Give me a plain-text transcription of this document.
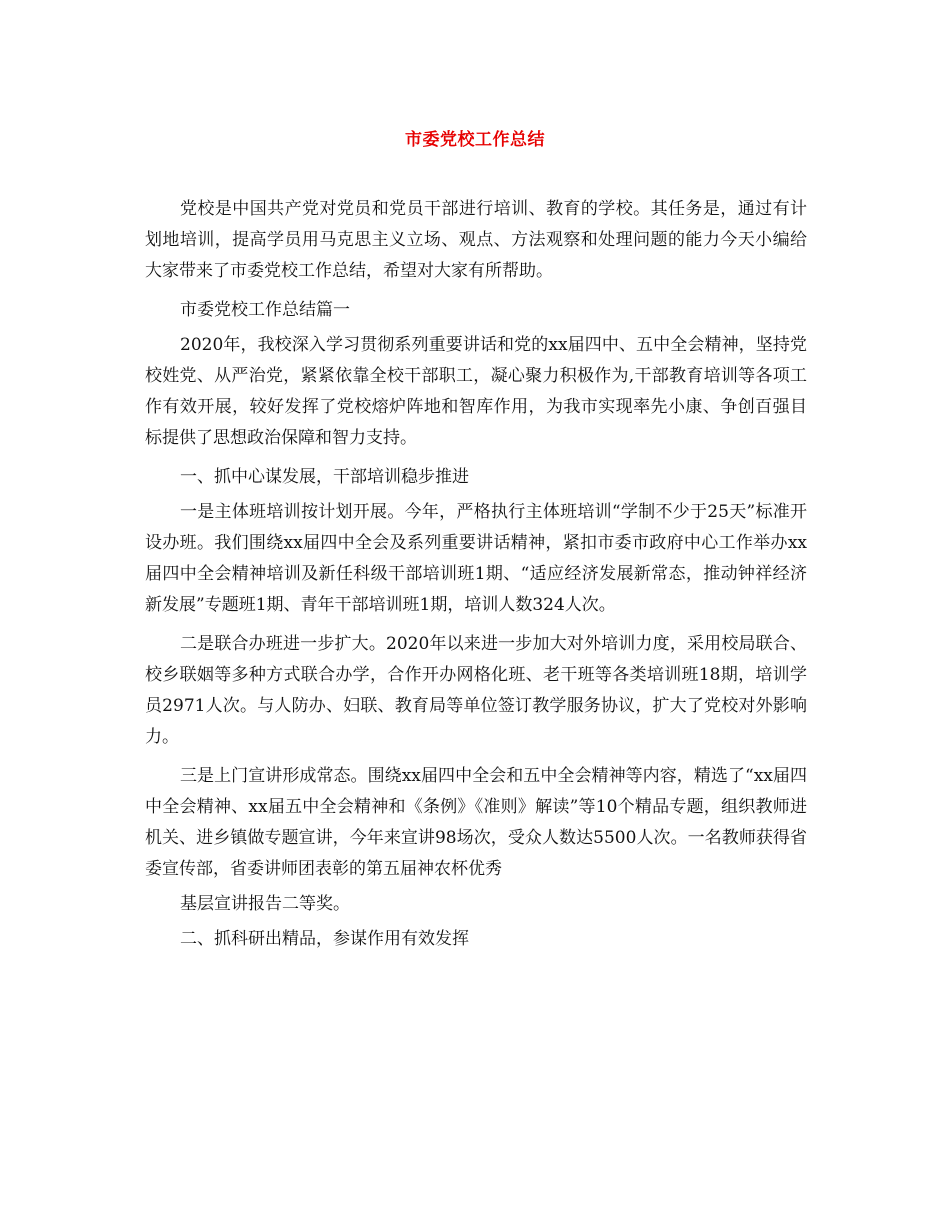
市委党校工作总结

党校是中国共产党对党员和党员干部进行培训、教育的学校。其任务是，通过有计划地培训，提高学员用马克思主义立场、观点、方法观察和处理问题的能力今天小编给大家带来了市委党校工作总结，希望对大家有所帮助。

市委党校工作总结篇一

2020年，我校深入学习贯彻系列重要讲话和党的xx届四中、五中全会精神，坚持党校姓党、从严治党，紧紧依靠全校干部职工，凝心聚力积极作为,干部教育培训等各项工作有效开展，较好发挥了党校熔炉阵地和智库作用，为我市实现率先小康、争创百强目标提供了思想政治保障和智力支持。

一、抓中心谋发展，干部培训稳步推进

一是主体班培训按计划开展。今年，严格执行主体班培训“学制不少于25天”标准开设办班。我们围绕xx届四中全会及系列重要讲话精神，紧扣市委市政府中心工作举办xx届四中全会精神培训及新任科级干部培训班1期、“适应经济发展新常态，推动钟祥经济新发展”专题班1期、青年干部培训班1期，培训人数324人次。

二是联合办班进一步扩大。2020年以来进一步加大对外培训力度，采用校局联合、校乡联姻等多种方式联合办学，合作开办网格化班、老干班等各类培训班18期，培训学员2971人次。与人防办、妇联、教育局等单位签订教学服务协议，扩大了党校对外影响力。

三是上门宣讲形成常态。围绕xx届四中全会和五中全会精神等内容，精选了“xx届四中全会精神、xx届五中全会精神和《条例》《准则》解读”等10个精品专题，组织教师进机关、进乡镇做专题宣讲，今年来宣讲98场次，受众人数达5500人次。一名教师获得省委宣传部，省委讲师团表彰的第五届神农杯优秀

基层宣讲报告二等奖。

二、抓科研出精品，参谋作用有效发挥
